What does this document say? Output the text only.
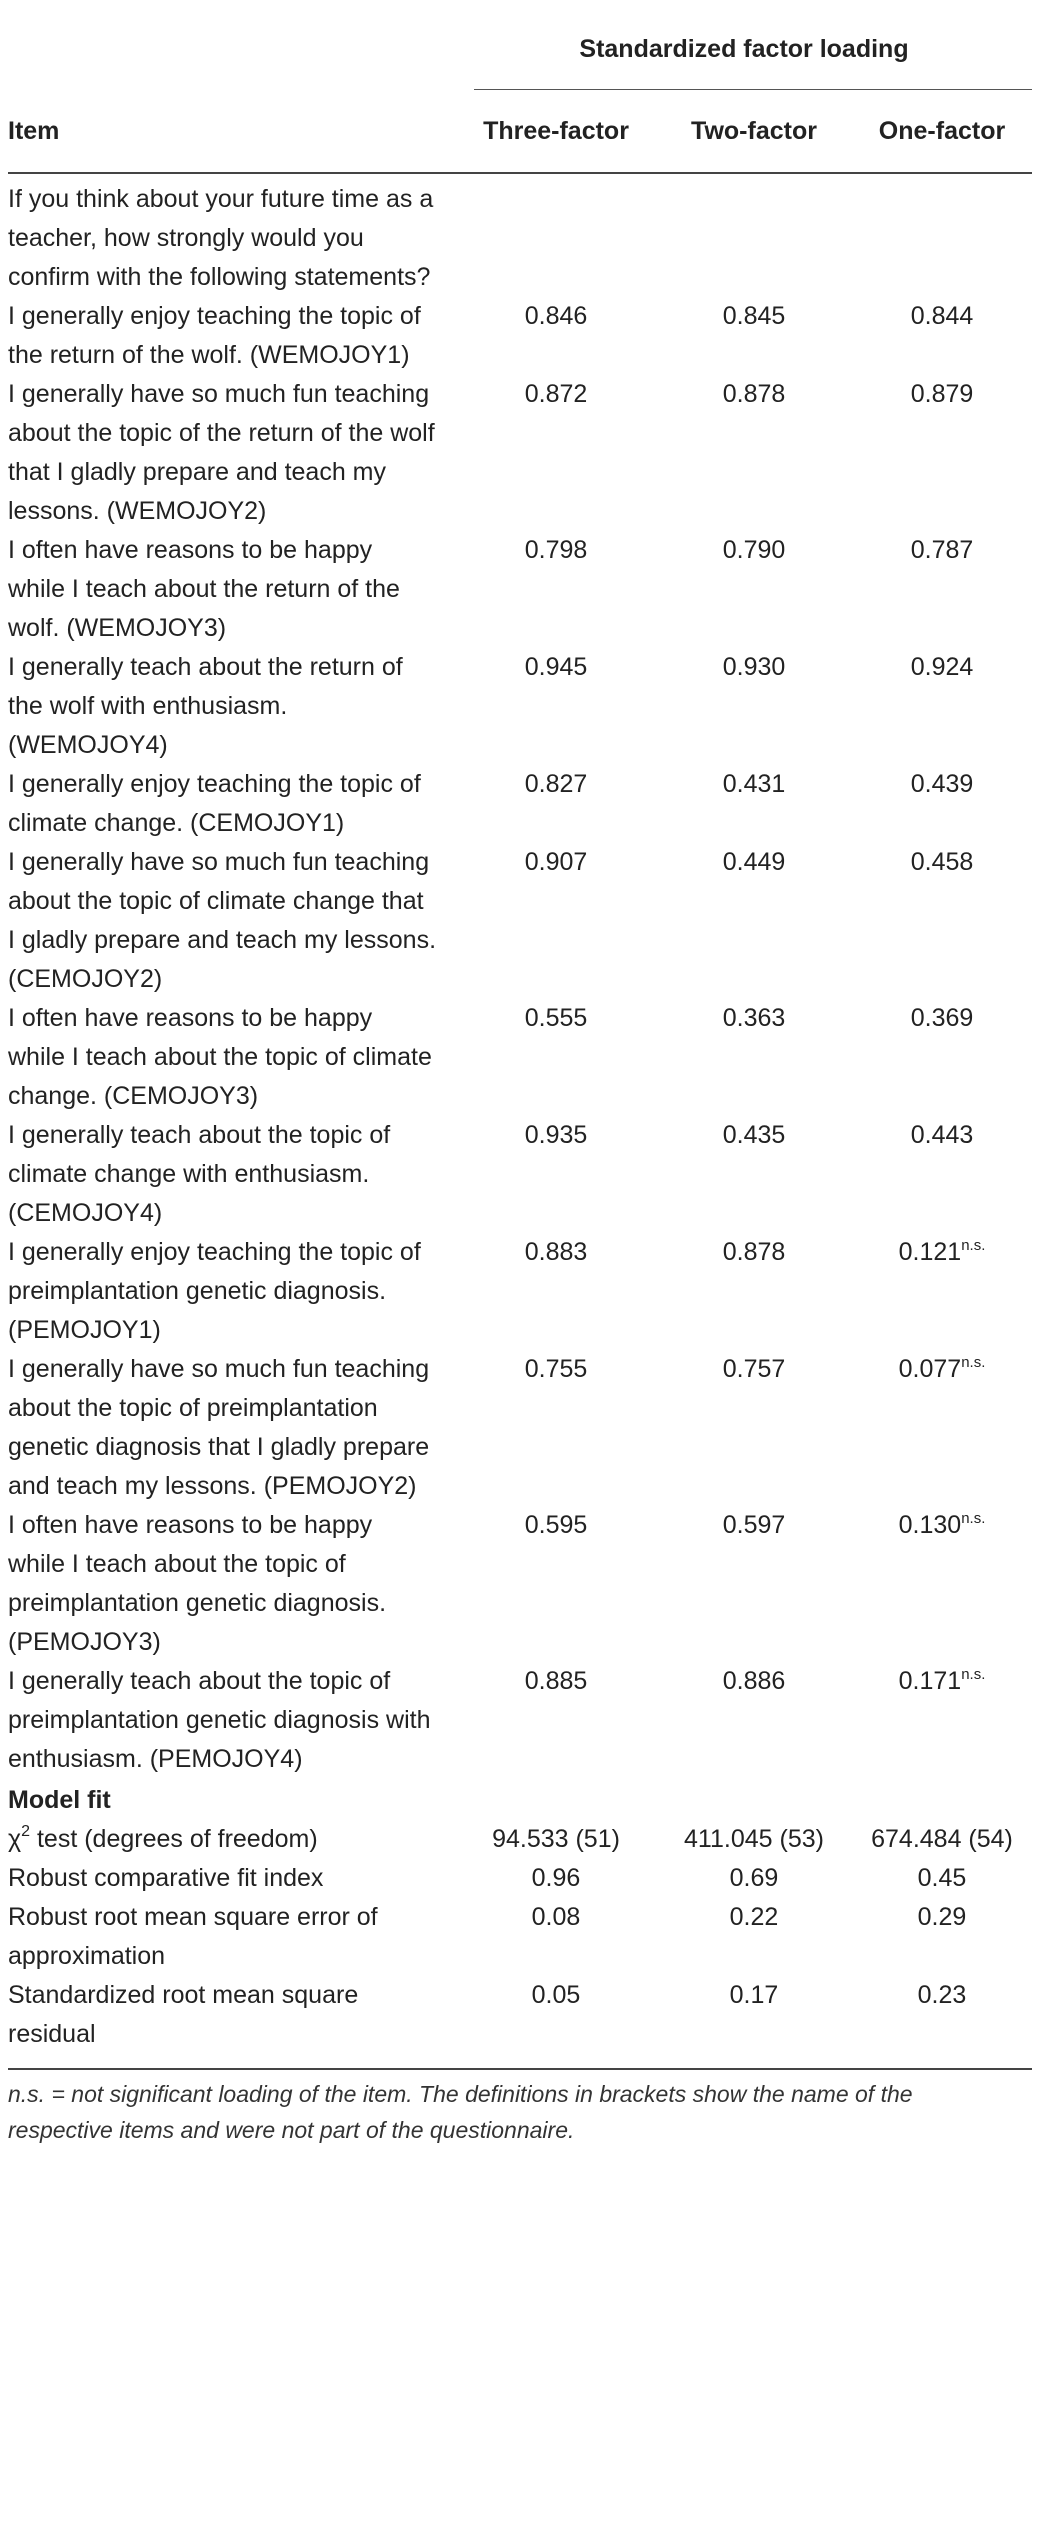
	Standardized factor loading		
Item	Three-factor	Two-factor	One-factor
If you think about your future time as a teacher, how strongly would you confirm with the following statements?			
I generally enjoy teaching the topic of the return of the wolf. (WEMOJOY1)	0.846	0.845	0.844
I generally have so much fun teaching about the topic of the return of the wolf that I gladly prepare and teach my lessons. (WEMOJOY2)	0.872	0.878	0.879
I often have reasons to be happy while I teach about the return of the wolf. (WEMOJOY3)	0.798	0.790	0.787
I generally teach about the return of the wolf with enthusiasm. (WEMOJOY4)	0.945	0.930	0.924
I generally enjoy teaching the topic of climate change. (CEMOJOY1)	0.827	0.431	0.439
I generally have so much fun teaching about the topic of climate change that I gladly prepare and teach my lessons. (CEMOJOY2)	0.907	0.449	0.458
I often have reasons to be happy while I teach about the topic of climate change. (CEMOJOY3)	0.555	0.363	0.369
I generally teach about the topic of climate change with enthusiasm. (CEMOJOY4)	0.935	0.435	0.443
I generally enjoy teaching the topic of preimplantation genetic diagnosis. (PEMOJOY1)	0.883	0.878	$0.121^{n.s.}$
I generally have so much fun teaching about the topic of preimplantation genetic diagnosis that I gladly prepare and teach my lessons. (PEMOJOY2)	0.755	0.757	$0.077^{n.s.}$
I often have reasons to be happy while I teach about the topic of preimplantation genetic diagnosis. (PEMOJOY3)	0.595	0.597	$0.130^{n.s.}$
I generally teach about the topic of preimplantation genetic diagnosis with enthusiasm. (PEMOJOY4)	0.885	0.886	$0.171^{n.s.}$
Model fit			
$\chi^2$ test (degrees of freedom)	94.533 (51)	411.045 (53)	674.484 (54)
Robust comparative fit index	0.96	0.69	0.45
Robust root mean square error of approximation	0.08	0.22	0.29
Standardized root mean square residual	0.05	0.17	0.23
n.s. = not significant loading of the item. The definitions in brackets show the name of the respective items and were not part of the questionnaire.
